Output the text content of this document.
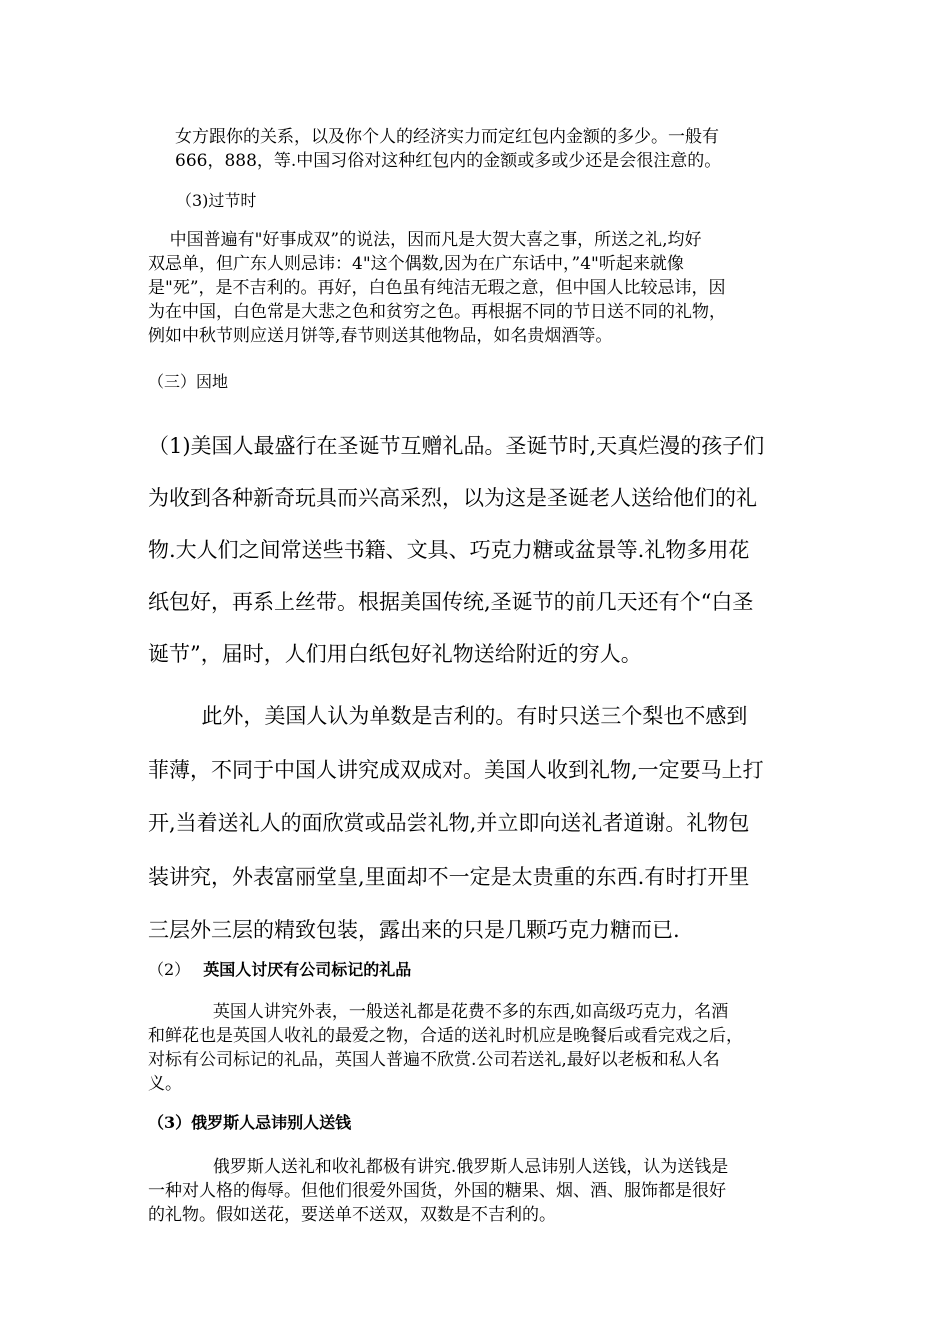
女方跟你的关系，以及你个人的经济实力而定红包内金额的多少。一般有
666，888，等.中国习俗对这种红包内的金额或多或少还是会很注意的。
（3)过节时
中国普遍有"好事成双”的说法，因而凡是大贺大喜之事，所送之礼,均好
双忌单，但广东人则忌讳：4"这个偶数,因为在广东话中，”4"听起来就像
是"死”，是不吉利的。再好，白色虽有纯洁无瑕之意，但中国人比较忌讳，因
为在中国，白色常是大悲之色和贫穷之色。再根据不同的节日送不同的礼物，
例如中秋节则应送月饼等,春节则送其他物品，如名贵烟酒等。
（三）因地
（1)美国人最盛行在圣诞节互赠礼品。圣诞节时,天真烂漫的孩子们
为收到各种新奇玩具而兴高采烈，以为这是圣诞老人送给他们的礼
物.大人们之间常送些书籍、文具、巧克力糖或盆景等.礼物多用花
纸包好，再系上丝带。根据美国传统,圣诞节的前几天还有个“白圣
诞节”，届时，人们用白纸包好礼物送给附近的穷人。
此外，美国人认为单数是吉利的。有时只送三个梨也不感到
菲薄，不同于中国人讲究成双成对。美国人收到礼物,一定要马上打
开,当着送礼人的面欣赏或品尝礼物,并立即向送礼者道谢。礼物包
装讲究，外表富丽堂皇,里面却不一定是太贵重的东西.有时打开里
三层外三层的精致包装，露出来的只是几颗巧克力糖而已.
（2） 英国人讨厌有公司标记的礼品
英国人讲究外表，一般送礼都是花费不多的东西,如高级巧克力，名酒
和鲜花也是英国人收礼的最爱之物，合适的送礼时机应是晚餐后或看完戏之后，
对标有公司标记的礼品，英国人普遍不欣赏.公司若送礼,最好以老板和私人名
义。
（3）俄罗斯人忌讳别人送钱
俄罗斯人送礼和收礼都极有讲究.俄罗斯人忌讳别人送钱，认为送钱是
一种对人格的侮辱。但他们很爱外国货，外国的糖果、烟、酒、服饰都是很好
的礼物。假如送花，要送单不送双，双数是不吉利的。
